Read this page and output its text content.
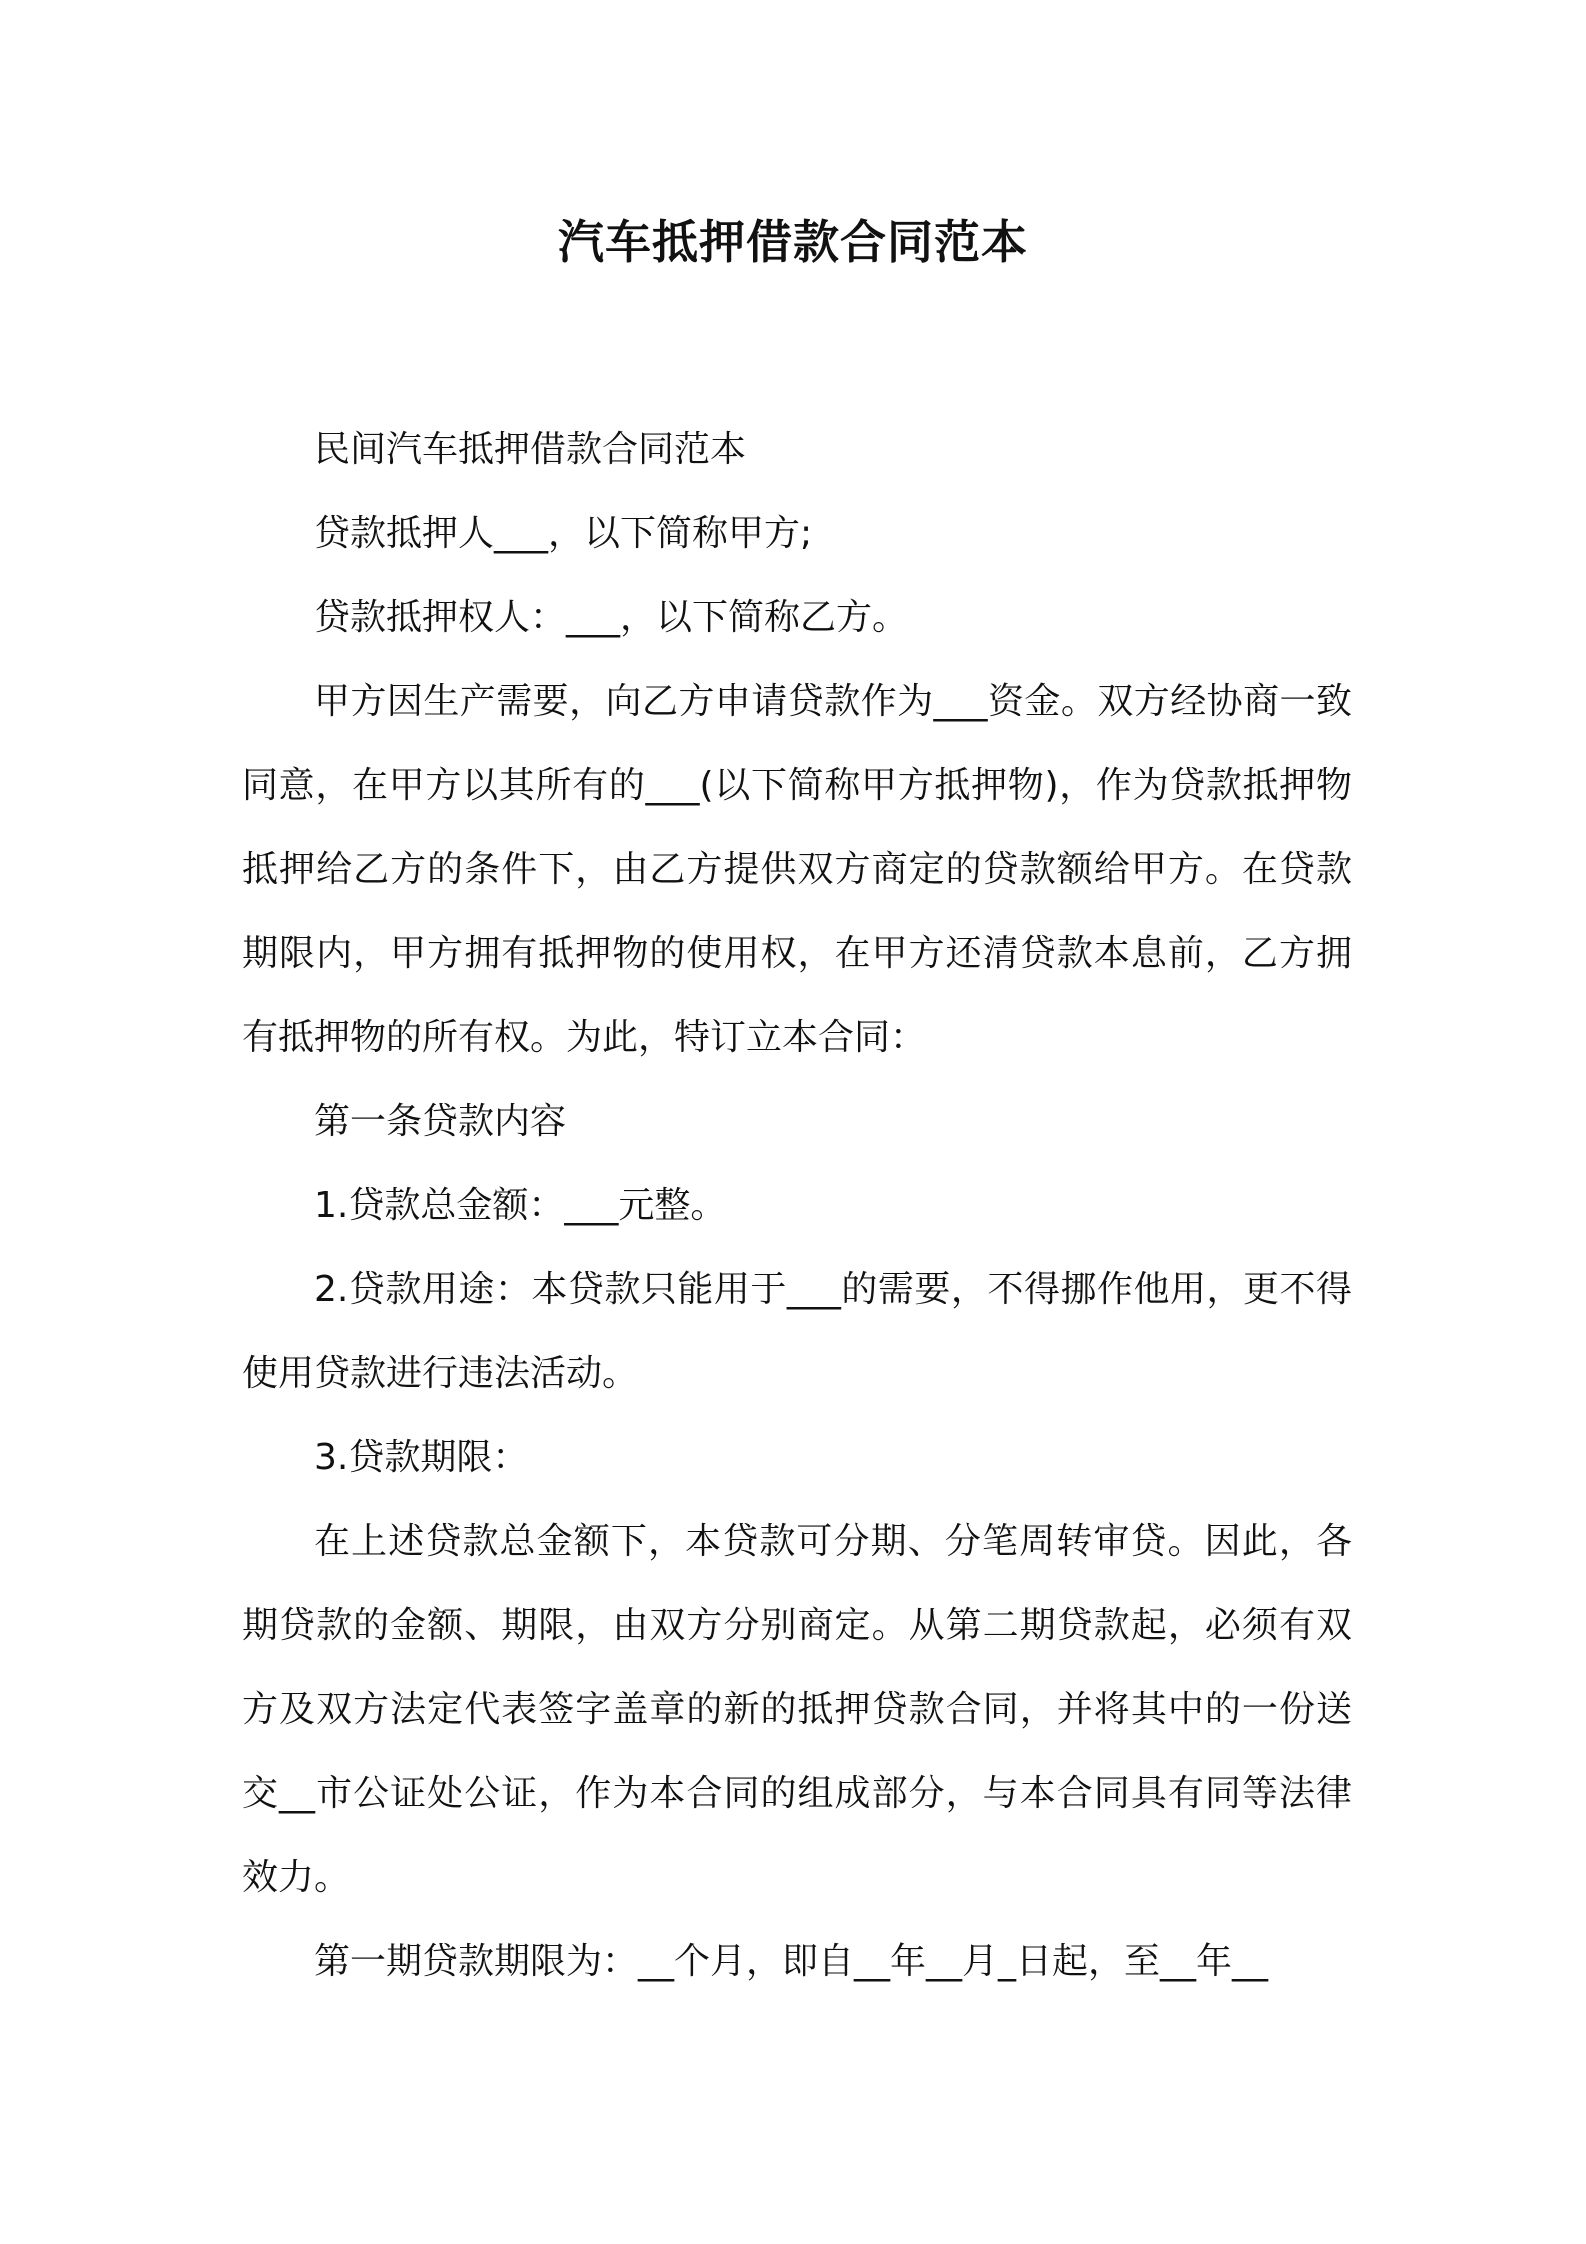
汽车抵押借款合同范本

民间汽车抵押借款合同范本

贷款抵押人___，以下简称甲方;

贷款抵押权人：___，以下简称乙方。

甲方因生产需要，向乙方申请贷款作为___资金。双方经协商一致同意，在甲方以其所有的___(以下简称甲方抵押物)，作为贷款抵押物抵押给乙方的条件下，由乙方提供双方商定的贷款额给甲方。在贷款期限内，甲方拥有抵押物的使用权，在甲方还清贷款本息前，乙方拥有抵押物的所有权。为此，特订立本合同：

第一条贷款内容

1.贷款总金额：___元整。

2.贷款用途：本贷款只能用于___的需要，不得挪作他用，更不得使用贷款进行违法活动。

3.贷款期限：

在上述贷款总金额下，本贷款可分期、分笔周转审贷。因此，各期贷款的金额、期限，由双方分别商定。从第二期贷款起，必须有双方及双方法定代表签字盖章的新的抵押贷款合同，并将其中的一份送交__市公证处公证，作为本合同的组成部分，与本合同具有同等法律效力。

第一期贷款期限为：__个月，即自__年__月_日起，至__年__
